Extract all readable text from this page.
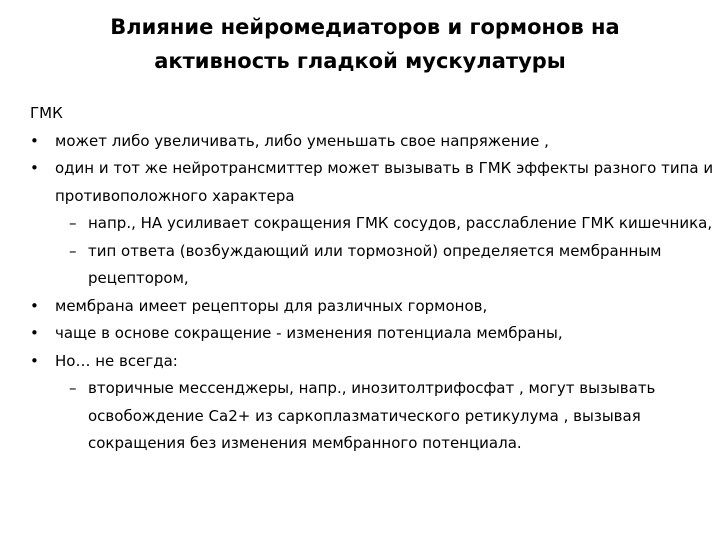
Влияние нейромедиаторов и гормонов на
активность гладкой мускулатуры

ГМК

• может либо увеличивать, либо уменьшать свое напряжение ,
• один и тот же нейротрансмиттер может вызывать в ГМК эффекты разного типа и противоположного характера
– напр., НА усиливает сокращения ГМК сосудов, расслабление ГМК кишечника,
– тип ответа (возбуждающий или тормозной) определяется мембранным рецептором,
• мембрана имеет рецепторы для различных гормонов,
• чаще в основе сокращение - изменения потенциала мембраны,
• Но… не всегда:
– вторичные мессенджеры, напр., инозитолтрифосфат , могут вызывать освобождение Са2+ из саркоплазматического ретикулума , вызывая сокращения без изменения мембранного потенциала.
